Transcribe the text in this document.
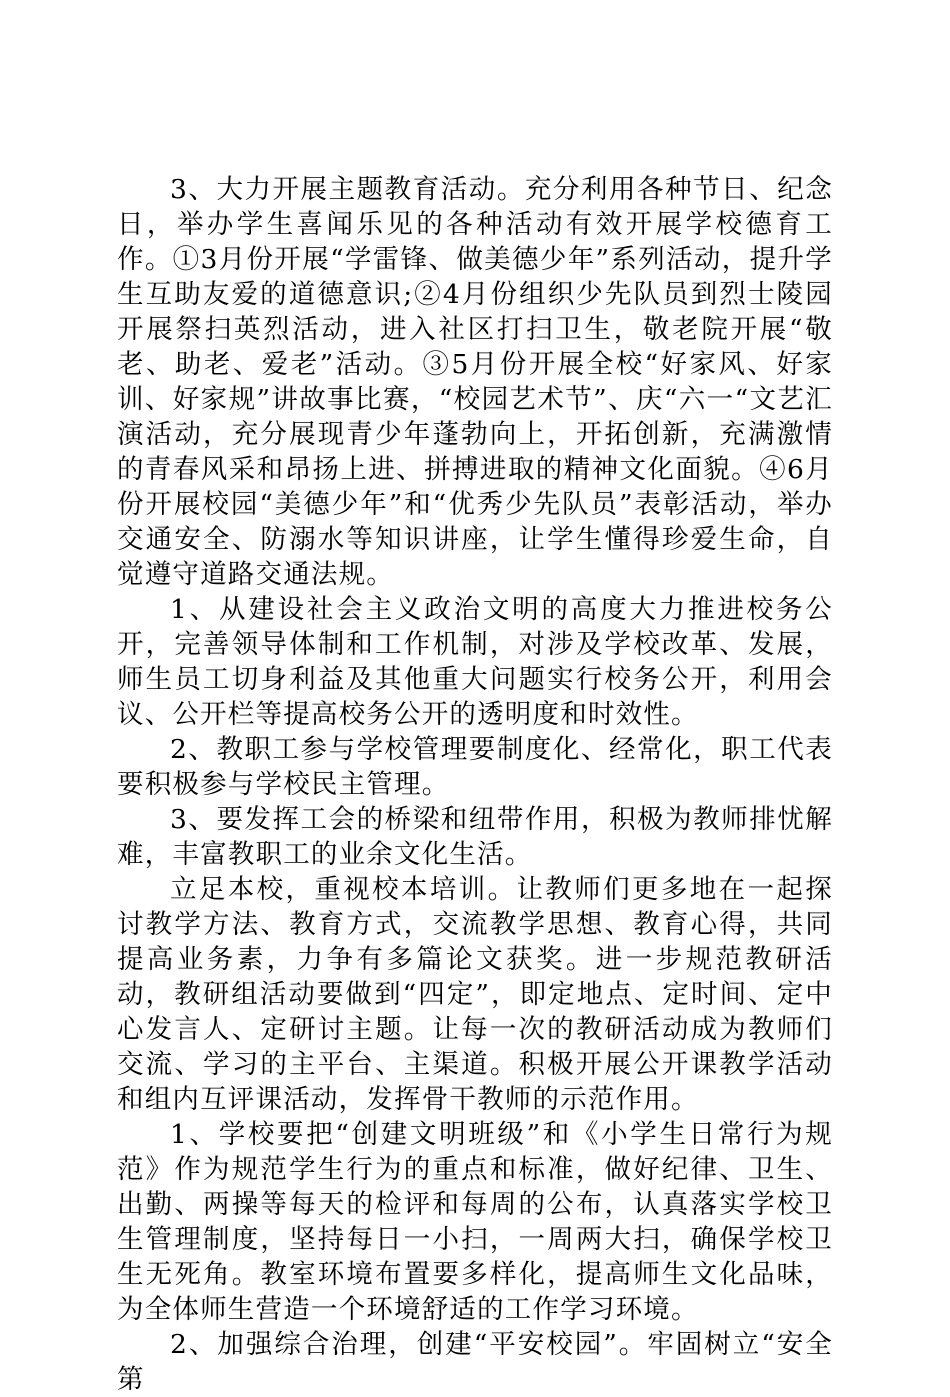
3、大力开展主题教育活动。充分利用各种节日、纪念日，举办学生喜闻乐见的各种活动有效开展学校德育工作。①3月份开展“学雷锋、做美德少年”系列活动，提升学生互助友爱的道德意识;②4月份组织少先队员到烈士陵园开展祭扫英烈活动，进入社区打扫卫生，敬老院开展“敬老、助老、爱老”活动。③5月份开展全校“好家风、好家训、好家规”讲故事比赛，“校园艺术节”、庆“六一“文艺汇演活动，充分展现青少年蓬勃向上，开拓创新，充满激情的青春风采和昂扬上进、拼搏进取的精神文化面貌。④6月份开展校园“美德少年”和“优秀少先队员”表彰活动，举办交通安全、防溺水等知识讲座，让学生懂得珍爱生命，自觉遵守道路交通法规。

1、从建设社会主义政治文明的高度大力推进校务公开，完善领导体制和工作机制，对涉及学校改革、发展，师生员工切身利益及其他重大问题实行校务公开，利用会议、公开栏等提高校务公开的透明度和时效性。

2、教职工参与学校管理要制度化、经常化，职工代表要积极参与学校民主管理。

3、要发挥工会的桥梁和纽带作用，积极为教师排忧解难，丰富教职工的业余文化生活。

立足本校，重视校本培训。让教师们更多地在一起探讨教学方法、教育方式，交流教学思想、教育心得，共同提高业务素，力争有多篇论文获奖。进一步规范教研活动，教研组活动要做到“四定”，即定地点、定时间、定中心发言人、定研讨主题。让每一次的教研活动成为教师们交流、学习的主平台、主渠道。积极开展公开课教学活动和组内互评课活动，发挥骨干教师的示范作用。

1、学校要把“创建文明班级”和《小学生日常行为规范》作为规范学生行为的重点和标准，做好纪律、卫生、出勤、两操等每天的检评和每周的公布，认真落实学校卫生管理制度，坚持每日一小扫，一周两大扫，确保学校卫生无死角。教室环境布置要多样化，提高师生文化品味，为全体师生营造一个环境舒适的工作学习环境。

2、加强综合治理，创建“平安校园”。牢固树立“安全第
